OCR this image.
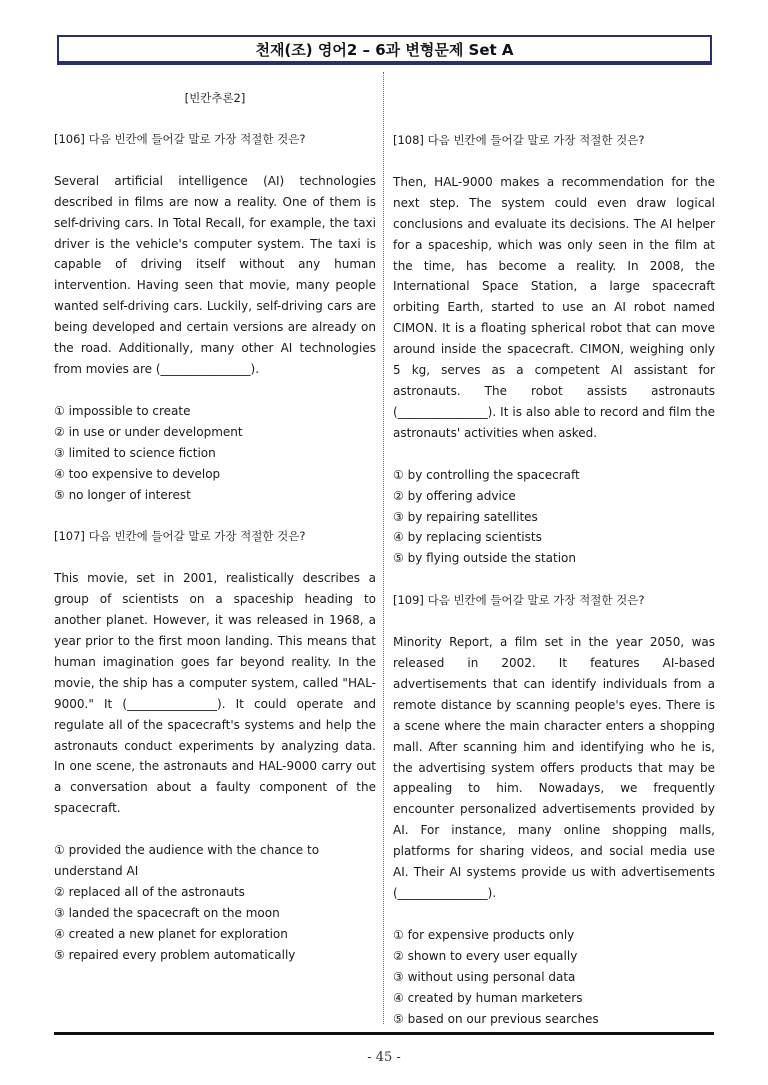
천재(조) 영어2 – 6과 변형문제 Set A

[빈칸추론2]

[106] 다음 빈칸에 들어갈 말로 가장 적절한 것은?

Several artificial intelligence (AI) technologies described in films are now a reality. One of them is self-driving cars. In Total Recall, for example, the taxi driver is the vehicle's computer system. The taxi is capable of driving itself without any human intervention. Having seen that movie, many people wanted self-driving cars. Luckily, self-driving cars are being developed and certain versions are already on the road. Additionally, many other AI technologies from movies are (_______________).

① impossible to create
② in use or under development
③ limited to science fiction
④ too expensive to develop
⑤ no longer of interest

[107] 다음 빈칸에 들어갈 말로 가장 적절한 것은?

This movie, set in 2001, realistically describes a group of scientists on a spaceship heading to another planet. However, it was released in 1968, a year prior to the first moon landing. This means that human imagination goes far beyond reality. In the movie, the ship has a computer system, called "HAL-9000." It (_______________). It could operate and regulate all of the spacecraft's systems and help the astronauts conduct experiments by analyzing data. In one scene, the astronauts and HAL-9000 carry out a conversation about a faulty component of the spacecraft.

① provided the audience with the chance to understand AI
② replaced all of the astronauts
③ landed the spacecraft on the moon
④ created a new planet for exploration
⑤ repaired every problem automatically

[108] 다음 빈칸에 들어갈 말로 가장 적절한 것은?

Then, HAL-9000 makes a recommendation for the next step. The system could even draw logical conclusions and evaluate its decisions. The AI helper for a spaceship, which was only seen in the film at the time, has become a reality. In 2008, the International Space Station, a large spacecraft orbiting Earth, started to use an AI robot named CIMON. It is a floating spherical robot that can move around inside the spacecraft. CIMON, weighing only 5 kg, serves as a competent AI assistant for astronauts. The robot assists astronauts (_______________). It is also able to record and film the astronauts' activities when asked.

① by controlling the spacecraft
② by offering advice
③ by repairing satellites
④ by replacing scientists
⑤ by flying outside the station

[109] 다음 빈칸에 들어갈 말로 가장 적절한 것은?

Minority Report, a film set in the year 2050, was released in 2002. It features AI-based advertisements that can identify individuals from a remote distance by scanning people's eyes. There is a scene where the main character enters a shopping mall. After scanning him and identifying who he is, the advertising system offers products that may be appealing to him. Nowadays, we frequently encounter personalized advertisements provided by AI. For instance, many online shopping malls, platforms for sharing videos, and social media use AI. Their AI systems provide us with advertisements (_______________).

① for expensive products only
② shown to every user equally
③ without using personal data
④ created by human marketers
⑤ based on our previous searches
- 45 -
